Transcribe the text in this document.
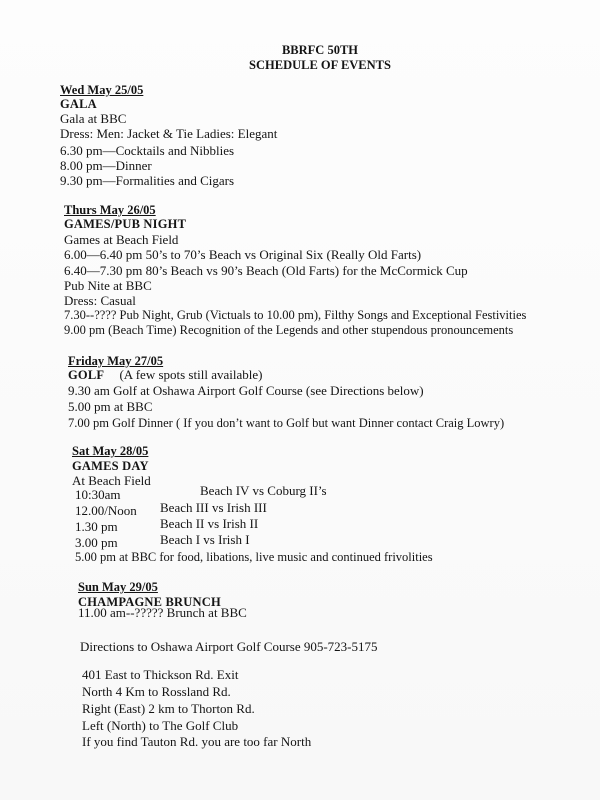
BBRFC 50TH
SCHEDULE OF EVENTS
Wed May 25/05
GALA
Gala at BBC
Dress: Men: Jacket & Tie Ladies: Elegant
6.30 pm—Cocktails and Nibblies
8.00 pm—Dinner
9.30 pm—Formalities and Cigars
Thurs May 26/05
GAMES/PUB NIGHT
Games at Beach Field
6.00—6.40 pm 50’s to 70’s Beach vs Original Six (Really Old Farts)
6.40—7.30 pm 80’s Beach vs 90’s Beach (Old Farts) for the McCormick Cup
Pub Nite at BBC
Dress: Casual
7.30--???? Pub Night, Grub (Victuals to 10.00 pm), Filthy Songs and Exceptional Festivities
9.00 pm (Beach Time) Recognition of the Legends and other stupendous pronouncements
Friday May 27/05
GOLF (A few spots still available)
9.30 am Golf at Oshawa Airport Golf Course (see Directions below)
5.00 pm at BBC
7.00 pm Golf Dinner ( If you don’t want to Golf but want Dinner contact Craig Lowry)
Sat May 28/05
GAMES DAY
At Beach Field
10:30am	Beach IV vs Coburg II’s
12.00/Noon Beach III vs Irish III
1.30 pm	Beach II vs Irish II
3.00 pm	Beach I vs Irish I
5.00 pm at BBC for food, libations, live music and continued frivolities
Sun May 29/05
CHAMPAGNE BRUNCH
11.00 am--????? Brunch at BBC
Directions to Oshawa Airport Golf Course 905-723-5175
401 East to Thickson Rd. Exit
North 4 Km to Rossland Rd.
Right (East) 2 km to Thorton Rd.
Left (North) to The Golf Club
If you find Tauton Rd. you are too far North
